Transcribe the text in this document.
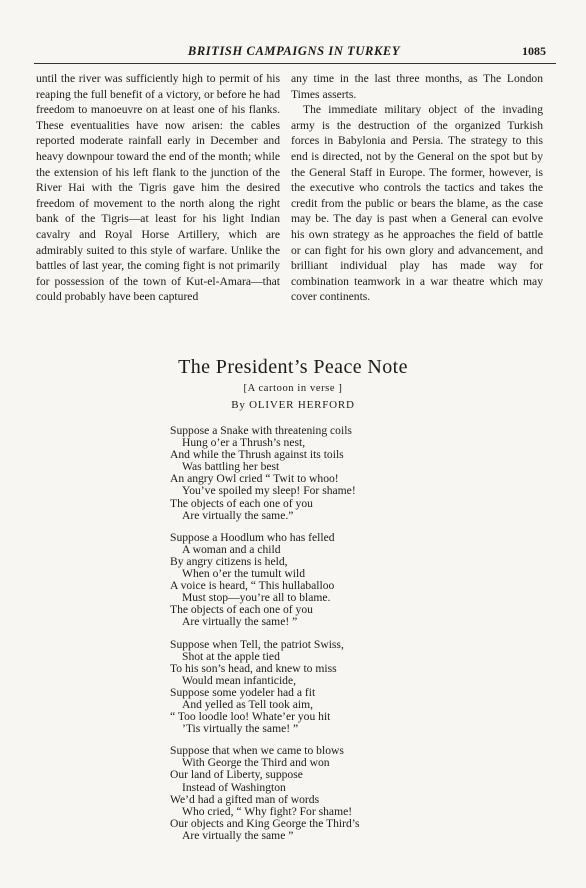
BRITISH CAMPAIGNS IN TURKEY	1085

until the river was sufficiently high to permit of his reaping the full benefit of a victory, or before he had freedom to manoeuvre on at least one of his flanks. These eventualities have now arisen: the cables reported moderate rainfall early in December and heavy downpour toward the end of the month; while the extension of his left flank to the junction of the River Hai with the Tigris gave him the desired freedom of movement to the north along the right bank of the Tigris—at least for his light Indian cavalry and Royal Horse Artillery, which are admirably suited to this style of warfare. Unlike the battles of last year, the coming fight is not primarily for possession of the town of Kut-el-Amara—that could probably have been captured

any time in the last three months, as The London Times asserts.

The immediate military object of the invading army is the destruction of the organized Turkish forces in Babylonia and Persia. The strategy to this end is directed, not by the General on the spot but by the General Staff in Europe. The former, however, is the executive who controls the tactics and takes the credit from the public or bears the blame, as the case may be. The day is past when a General can evolve his own strategy as he approaches the field of battle or can fight for his own glory and advancement, and brilliant individual play has made way for combination teamwork in a war theatre which may cover continents.

The President’s Peace Note
[A cartoon in verse ]
By OLIVER HERFORD
Suppose a Snake with threatening coils
Hung o’er a Thrush’s nest,
And while the Thrush against its toils
Was battling her best
An angry Owl cried “ Twit to whoo!
You’ve spoiled my sleep! For shame!
The objects of each one of you
Are virtually the same.”
Suppose a Hoodlum who has felled
A woman and a child
By angry citizens is held,
When o’er the tumult wild
A voice is heard, “ This hullaballoo
Must stop—you’re all to blame.
The objects of each one of you
Are virtually the same! ”
Suppose when Tell, the patriot Swiss,
Shot at the apple tied
To his son’s head, and knew to miss
Would mean infanticide,
Suppose some yodeler had a fit
And yelled as Tell took aim,
“ Too loodle loo! Whate’er you hit
’Tis virtually the same! ”
Suppose that when we came to blows
With George the Third and won
Our land of Liberty, suppose
Instead of Washington
We’d had a gifted man of words
Who cried, “ Why fight? For shame!
Our objects and King George the Third’s
Are virtually the same ”
